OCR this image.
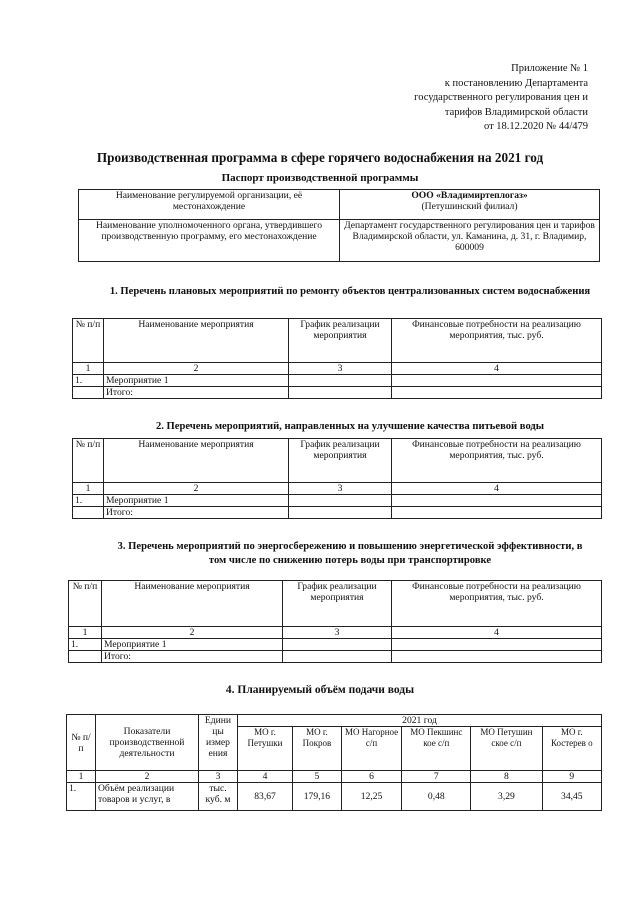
Приложение № 1
к постановлению Департамента
государственного регулирования цен и
тарифов Владимирской области
от 18.12.2020 № 44/479
Производственная программа в сфере горячего водоснабжения на 2021 год
Паспорт производственной программы
Наименование регулируемой организации, её местонахождение	ООО «Владимиртеплогаз»
(Петушинский филиал)

Наименование уполномоченного органа, утвердившего производственную программу, его местонахождение	Департамент государственного регулирования цен и тарифов Владимирской области, ул. Каманина, д. 31, г. Владимир, 600009
1. Перечень плановых мероприятий по ремонту объектов централизованных систем водоснабжения
№ п/п	Наименование мероприятия	График реализации мероприятия	Финансовые потребности на реализацию мероприятия, тыс. руб.
1	2	3	4
1.	Мероприятие 1		
	Итого:		
2. Перечень мероприятий, направленных на улучшение качества питьевой воды
№ п/п	Наименование мероприятия	График реализации мероприятия	Финансовые потребности на реализацию мероприятия, тыс. руб.
1	2	3	4
1.	Мероприятие 1		
	Итого:		
3. Перечень мероприятий по энергосбережению и повышению энергетической эффективности, в том числе по снижению потерь воды при транспортировке
№ п/п	Наименование мероприятия	График реализации мероприятия	Финансовые потребности на реализацию мероприятия, тыс. руб.
1	2	3	4
1.	Мероприятие 1		
	Итого:		
4. Планируемый объём подачи воды
№ п/п	Показатели производственной деятельности	Едини цы измер ения	2021 год					
			МО г. Петушки	МО г. Покров	МО Нагорное с/п	МО Пекшинс кое с/п	МО Петушин ское с/п	МО г. Костерев о
1	2	3	4	5	6	7	8	9
1.	Объём реализации товаров и услуг, в	тыс. куб. м	83,67	179,16	12,25	0,48	3,29	34,45
